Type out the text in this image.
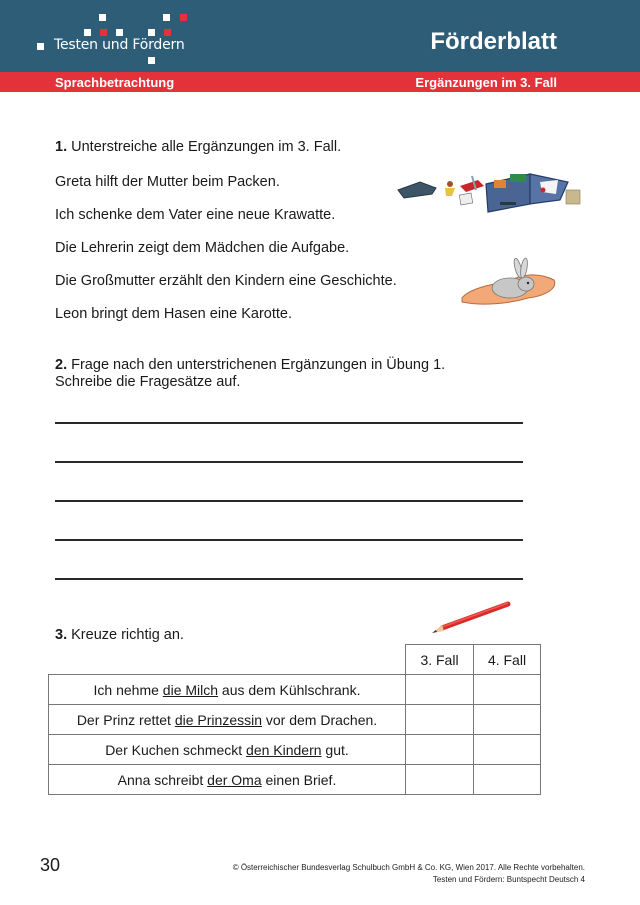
Testen und Fördern	Förderblatt
Sprachbetrachtung	Ergänzungen im 3. Fall
1. Unterstreiche alle Ergänzungen im 3. Fall.
Greta hilft der Mutter beim Packen.
Ich schenke dem Vater eine neue Krawatte.
Die Lehrerin zeigt dem Mädchen die Aufgabe.
Die Großmutter erzählt den Kindern eine Geschichte.
Leon bringt dem Hasen eine Karotte.
2. Frage nach den unterstrichenen Ergänzungen in Übung 1.
Schreibe die Fragesätze auf.
3. Kreuze richtig an.
	3. Fall	4. Fall
Ich nehme die Milch aus dem Kühlschrank.		
Der Prinz rettet die Prinzessin vor dem Drachen.		
Der Kuchen schmeckt den Kindern gut.		
Anna schreibt der Oma einen Brief.		
30	© Österreichischer Bundesverlag Schulbuch GmbH & Co. KG, Wien 2017. Alle Rechte vorbehalten.
Testen und Fördern: Buntspecht Deutsch 4
